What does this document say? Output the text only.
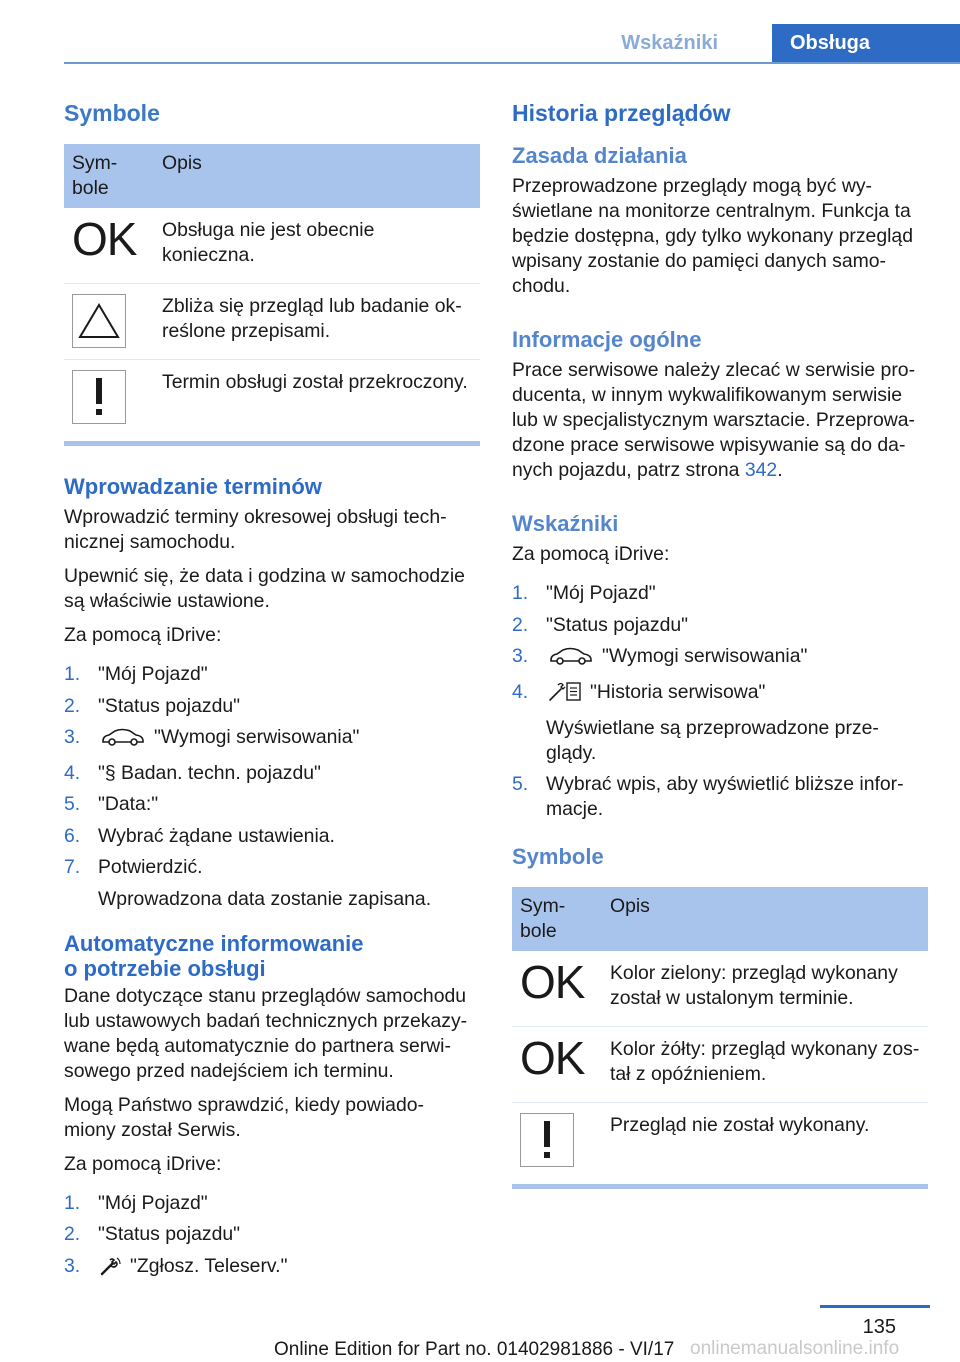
Wskaźniki	Obsługa
Symbole
Sym-
bole	Opis
OK	Obsługa nie jest obecnie konieczna.

	Zbliża się przegląd lub badanie ok-
reślone przepisami.

	Termin obsługi został przekroczony.
Wprowadzanie terminów

Wprowadzić terminy okresowej obsługi tech-
nicznej samochodu.

Upewnić się, że data i godzina w samochodzie
są właściwie ustawione.

Za pomocą iDrive:

1. "Mój Pojazd"
2. "Status pojazdu"
3.	"Wymogi serwisowania"
4. "§ Badan. techn. pojazdu"
5. "Data:"
6. Wybrać żądane ustawienia.
7. Potwierdzić.
Wprowadzona data zostanie zapisana.
Automatyczne informowanie
o potrzebie obsługi

Dane dotyczące stanu przeglądów samochodu
lub ustawowych badań technicznych przekazy-
wane będą automatycznie do partnera serwi-
sowego przed nadejściem ich terminu.

Mogą Państwo sprawdzić, kiedy powiado-
miony został Serwis.

Za pomocą iDrive:

1. "Mój Pojazd"
2. "Status pojazdu"
3.	"Zgłosz. Teleserv."
Historia przeglądów
Zasada działania

Przeprowadzone przeglądy mogą być wy-
świetlane na monitorze centralnym. Funkcja ta
będzie dostępna, gdy tylko wykonany przegląd
wpisany zostanie do pamięci danych samo-
chodu.

Informacje ogólne

Prace serwisowe należy zlecać w serwisie pro-
ducenta, w innym wykwalifikowanym serwisie
lub w specjalistycznym warsztacie. Przeprowa-
dzone prace serwisowe wpisywanie są do da-
nych pojazdu, patrz strona 342.

Wskaźniki

Za pomocą iDrive:

1. "Mój Pojazd"
2. "Status pojazdu"
3.	"Wymogi serwisowania"
4.	"Historia serwisowa"
Wyświetlane są przeprowadzone prze-
glądy.
5. Wybrać wpis, aby wyświetlić bliższe infor-
macje.
Symbole
Sym-
bole	Opis
OK	Kolor zielony: przegląd wykonany
został w ustalonym terminie.
OK	Kolor żółty: przegląd wykonany zos-
tał z opóźnieniem.

	Przegląd nie został wykonany.
135
Online Edition for Part no. 01402981886 - VI/17 onlinemanualsonline.info
